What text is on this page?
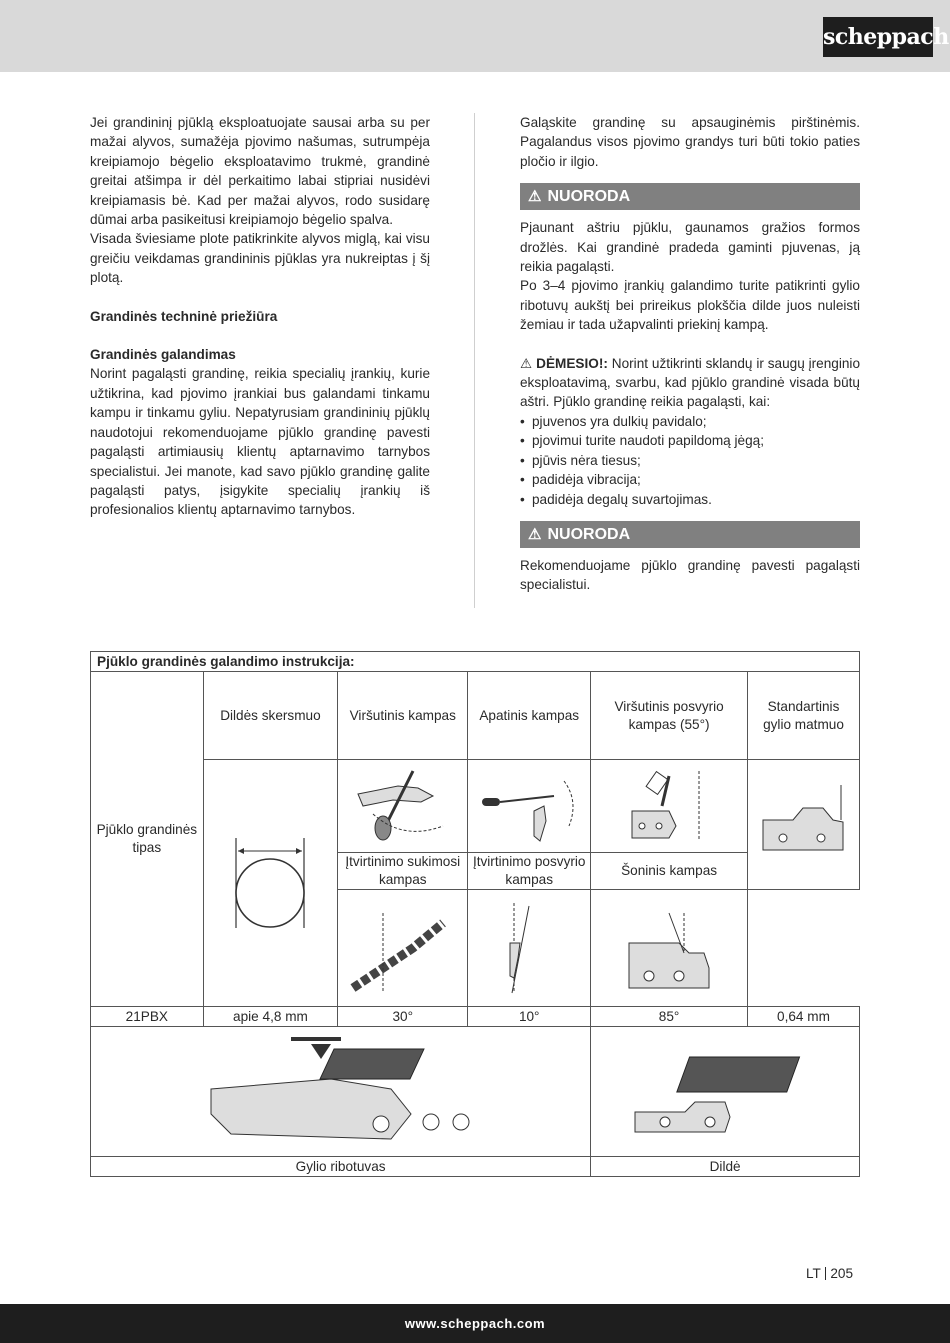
scheppach

Jei grandininį pjūklą eksploatuojate sausai arba su per mažai alyvos, sumažėja pjovimo našumas, sutrumpėja kreipiamojo bėgelio eksploatavimo trukmė, grandinė greitai atšimpa ir dėl perkaitimo labai stipriai nusidėvi kreipiamasis bė. Kad per mažai alyvos, rodo susidarę dūmai arba pasikeitusi kreipiamojo bėgelio spalva.

Visada šviesiame plote patikrinkite alyvos miglą, kai visu greičiu veikdamas grandininis pjūklas yra nukreiptas į šį plotą.

Grandinės techninė priežiūra

Grandinės galandimas

Norint pagaląsti grandinę, reikia specialių įrankių, kurie užtikrina, kad pjovimo įrankiai bus galandami tinkamu kampu ir tinkamu gyliu. Nepatyrusiam grandininių pjūklų naudotojui rekomenduojame pjūklo grandinę pavesti pagaląsti artimiausių klientų aptarnavimo tarnybos specialistui. Jei manote, kad savo pjūklo grandinę galite pagaląsti patys, įsigykite specialių įrankių iš profesionalios klientų aptarnavimo tarnybos.

Galąskite grandinę su apsauginėmis pirštinėmis. Pagalandus visos pjovimo grandys turi būti tokio paties pločio ir ilgio.

⚠ NUORODA

Pjaunant aštriu pjūklu, gaunamos gražios formos drožlės. Kai grandinė pradeda gaminti pjuvenas, ją reikia pagaląsti.

Po 3–4 pjovimo įrankių galandimo turite patikrinti gylio ribotuvų aukštį bei prireikus plokščia dilde juos nuleisti žemiau ir tada užapvalinti priekinį kampą.

⚠ DĖMESIO!: Norint užtikrinti sklandų ir saugų įrenginio eksploatavimą, svarbu, kad pjūklo grandinė visada būtų aštri. Pjūklo grandinę reikia pagaląsti, kai:

• pjuvenos yra dulkių pavidalo;
• pjovimui turite naudoti papildomą jėgą;
• pjūvis nėra tiesus;
• padidėja vibracija;
• padidėja degalų suvartojimas.
⚠ NUORODA

Rekomenduojame pjūklo grandinę pavesti pagaląsti specialistui.

Pjūklo grandinės galandimo instrukcija:					
Pjūklo grandinės tipas	Dildės skersmuo	Viršutinis kampas	Apatinis kampas	Viršutinis posvyrio kampas (55°)	Standartinis gylio matmuo

		Įtvirtinimo sukimosi kampas	Įtvirtinimo posvyrio kampas	Šoninis kampas	

21PBX	apie 4,8 mm	30°	10°	85°	0,64 mm

Gylio ribotuvas				Dildė	
LT 205
www.scheppach.com
